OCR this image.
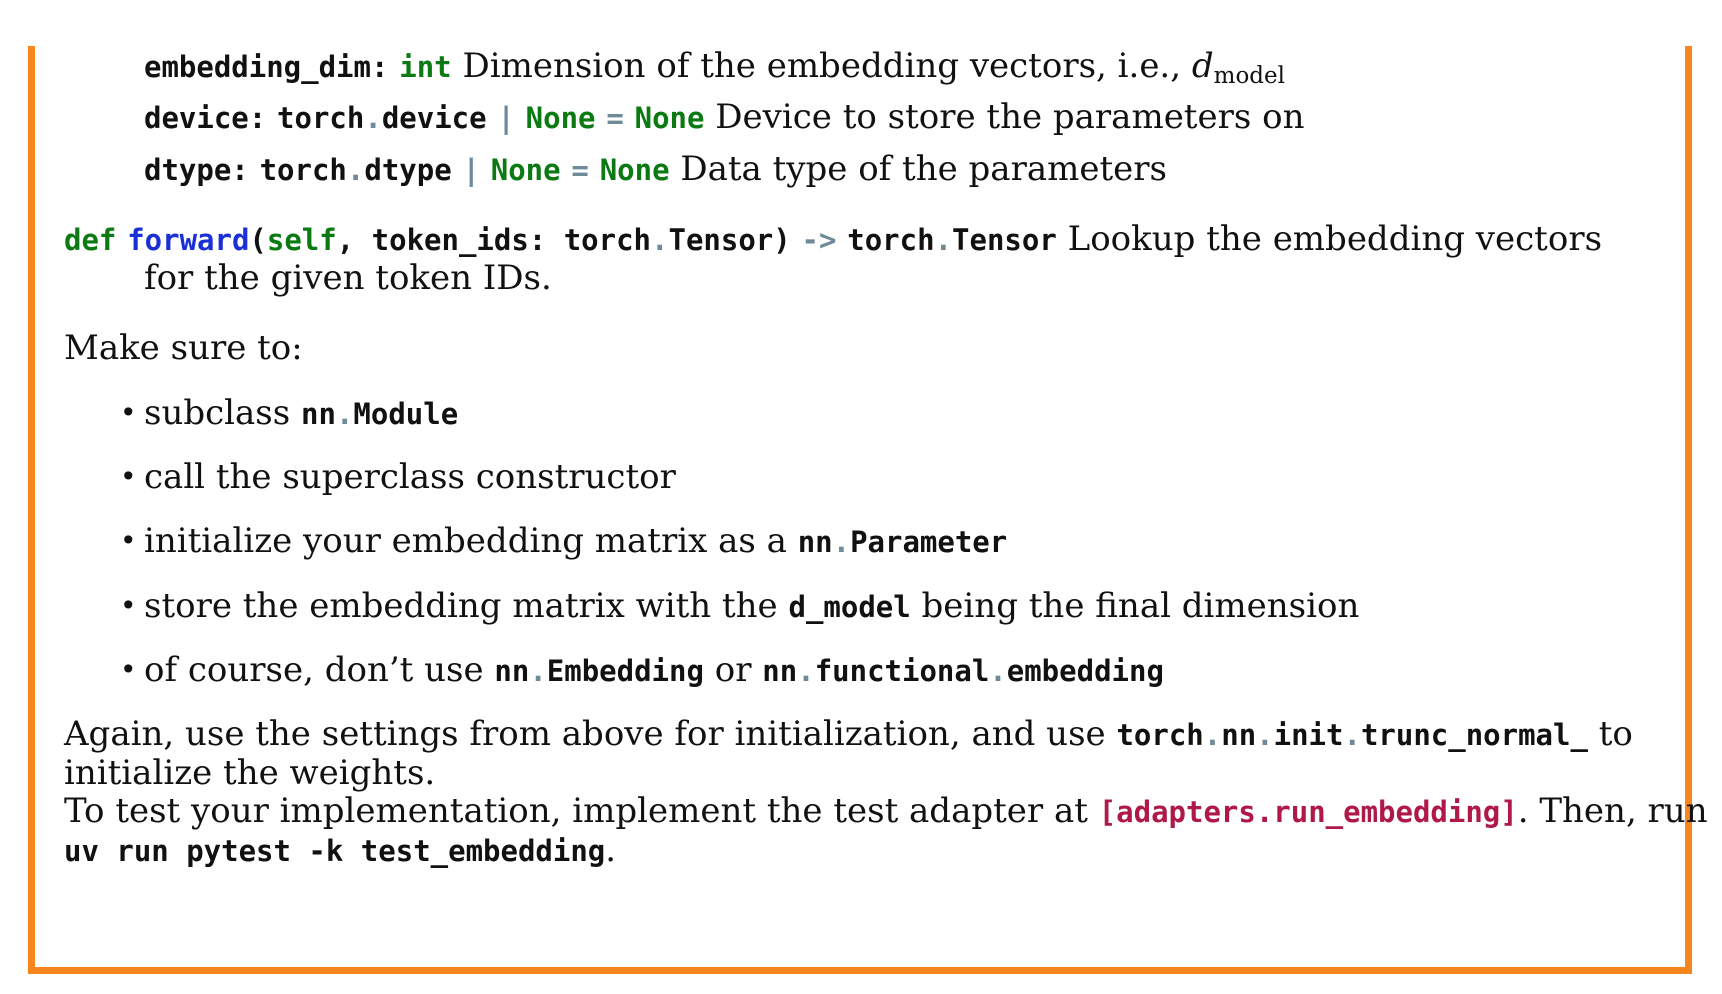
embedding_dim: int Dimension of the embedding vectors, i.e., $d_{model}$
device: torch.device | None = None Device to store the parameters on
dtype: torch.dtype | None = None Data type of the parameters
def forward(self, token_ids: torch.Tensor) -> torch.Tensor Lookup the embedding vectors
for the given token IDs.
Make sure to:
• subclass nn.Module
• call the superclass constructor
• initialize your embedding matrix as a nn.Parameter
• store the embedding matrix with the d_model being the final dimension
• of course, don’t use nn.Embedding or nn.functional.embedding
Again, use the settings from above for initialization, and use torch.nn.init.trunc_normal_ to
initialize the weights.
To test your implementation, implement the test adapter at [adapters.run_embedding]. Then, run
uv run pytest -k test_embedding.
